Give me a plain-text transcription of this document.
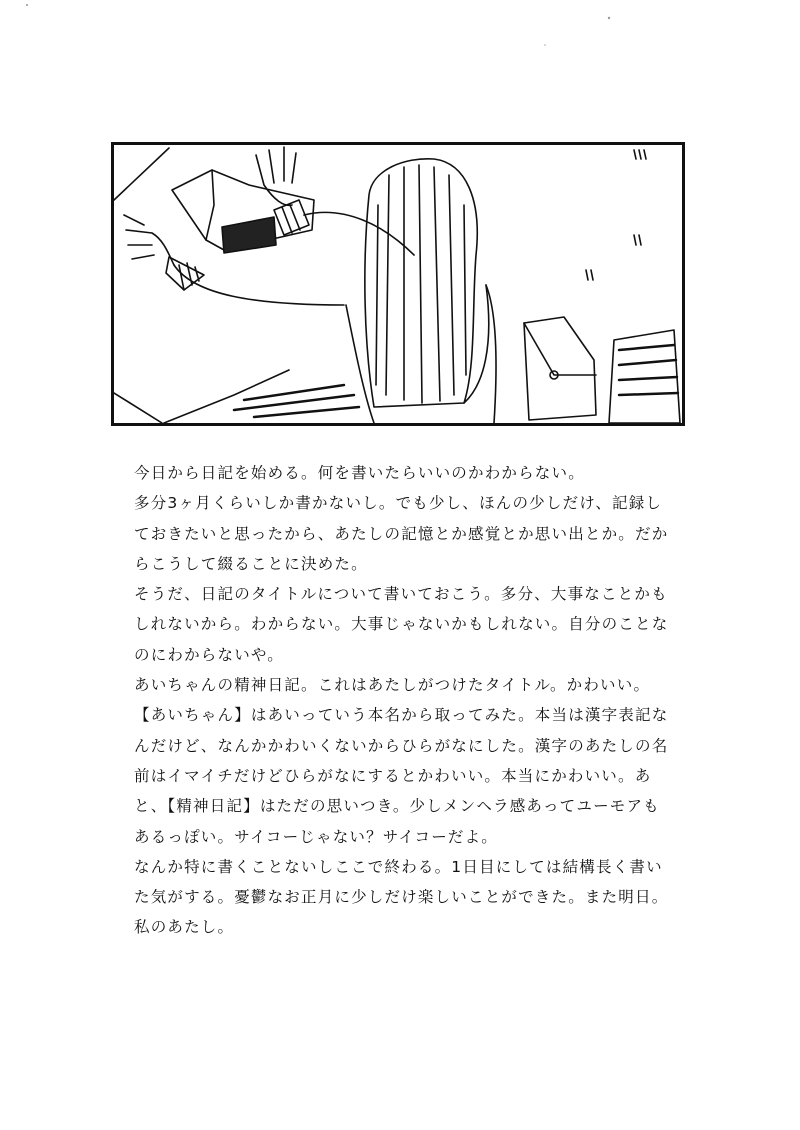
今日から日記を始める。何を書いたらいいのかわからない。

多分3ヶ月くらいしか書かないし。でも少し、ほんの少しだけ、記録しておきたいと思ったから、あたしの記憶とか感覚とか思い出とか。だからこうして綴ることに決めた。

そうだ、日記のタイトルについて書いておこう。多分、大事なことかもしれないから。わからない。大事じゃないかもしれない。自分のことなのにわからないや。

あいちゃんの精神日記。これはあたしがつけたタイトル。かわいい。

【あいちゃん】はあいっていう本名から取ってみた。本当は漢字表記なんだけど、なんかかわいくないからひらがなにした。漢字のあたしの名前はイマイチだけどひらがなにするとかわいい。本当にかわいい。あと、【精神日記】はただの思いつき。少しメンヘラ感あってユーモアもあるっぽい。サイコーじゃない？サイコーだよ。

なんか特に書くことないしここで終わる。1日目にしては結構長く書いた気がする。憂鬱なお正月に少しだけ楽しいことができた。また明日。私のあたし。
